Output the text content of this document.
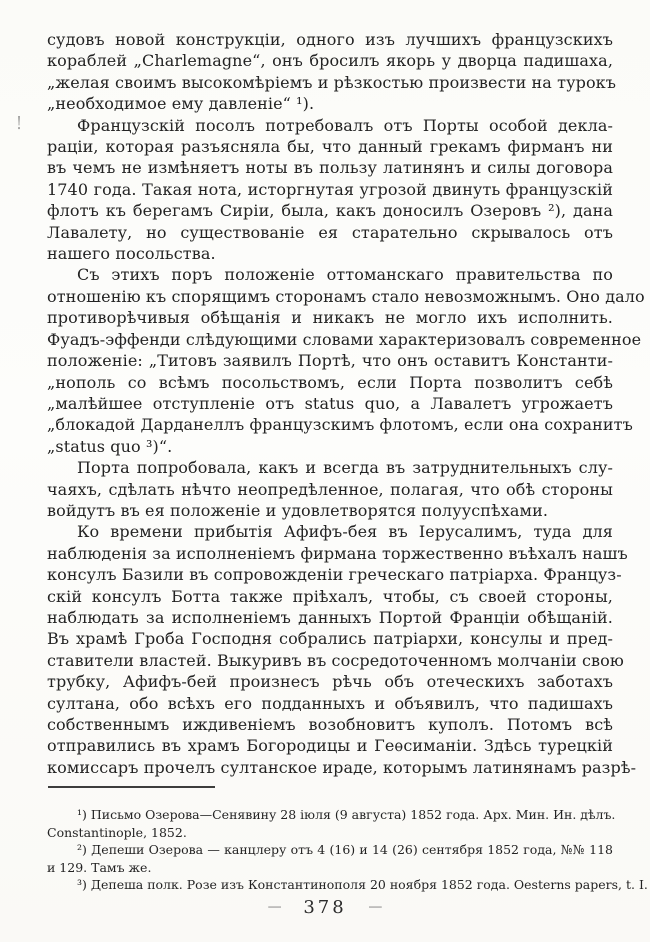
!
судовъ новой конструкціи, одного изъ лучшихъ французскихъ
кораблей „Charlemagne“, онъ бросилъ якорь у дворца падишаха,
„желая своимъ высокомѣріемъ и рѣзкостью произвести на турокъ
„необходимое ему давленіе“ ¹).
Французскій посолъ потребовалъ отъ Порты особой декла-
раціи, которая разъясняла бы, что данный грекамъ фирманъ ни
въ чемъ не измѣняетъ ноты въ пользу латинянъ и силы договора
1740 года. Такая нота, исторгнутая угрозой двинуть французскій
флотъ къ берегамъ Сиріи, была, какъ доносилъ Озеровъ ²), дана
Лавалету, но существованіе ея старательно скрывалось отъ
нашего посольства.
Съ этихъ поръ положеніе оттоманскаго правительства по
отношенію къ спорящимъ сторонамъ стало невозможнымъ. Оно дало
противорѣчивыя обѣщанія и никакъ не могло ихъ исполнить.
Фуадъ-эффенди слѣдующими словами характеризовалъ современное
положеніе: „Титовъ заявилъ Портѣ, что онъ оставитъ Константи-
„нополь со всѣмъ посольствомъ, если Порта позволитъ себѣ
„малѣйшее отступленіе отъ status quo, а Лавалетъ угрожаетъ
„блокадой Дарданеллъ французскимъ флотомъ, если она сохранитъ
„status quo ³)“.
Порта попробовала, какъ и всегда въ затруднительныхъ слу-
чаяхъ, сдѣлать нѣчто неопредѣленное, полагая, что обѣ стороны
войдутъ въ ея положеніе и удовлетворятся полууспѣхами.
Ко времени прибытія Афифъ-бея въ Іерусалимъ, туда для
наблюденія за исполненіемъ фирмана торжественно въѣхалъ нашъ
консулъ Базили въ сопровожденіи греческаго патріарха. Француз-
скій консулъ Ботта также пріѣхалъ, чтобы, съ своей стороны,
наблюдать за исполненіемъ данныхъ Портой Франціи обѣщаній.
Въ храмѣ Гроба Господня собрались патріархи, консулы и пред-
ставители властей. Выкуривъ въ сосредоточенномъ молчаніи свою
трубку, Афифъ-бей произнесъ рѣчь объ отеческихъ заботахъ
султана, обо всѣхъ его подданныхъ и объявилъ, что падишахъ
собственнымъ иждивеніемъ возобновитъ куполъ. Потомъ всѣ
отправились въ храмъ Богородицы и Геѳсиманіи. Здѣсь турецкій
комиссаръ прочелъ султанское ираде, которымъ латинянамъ разрѣ-
¹) Письмо Озерова—Сенявину 28 іюля (9 августа) 1852 года. Арх. Мин. Ин. дѣлъ.
Constantinople, 1852.
²) Депеши Озерова — канцлеру отъ 4 (16) и 14 (26) сентября 1852 года, №№ 118
и 129. Тамъ же.
³) Депеша полк. Розе изъ Константинополя 20 ноября 1852 года. Oesterns papers, t. I.
— 378 —
